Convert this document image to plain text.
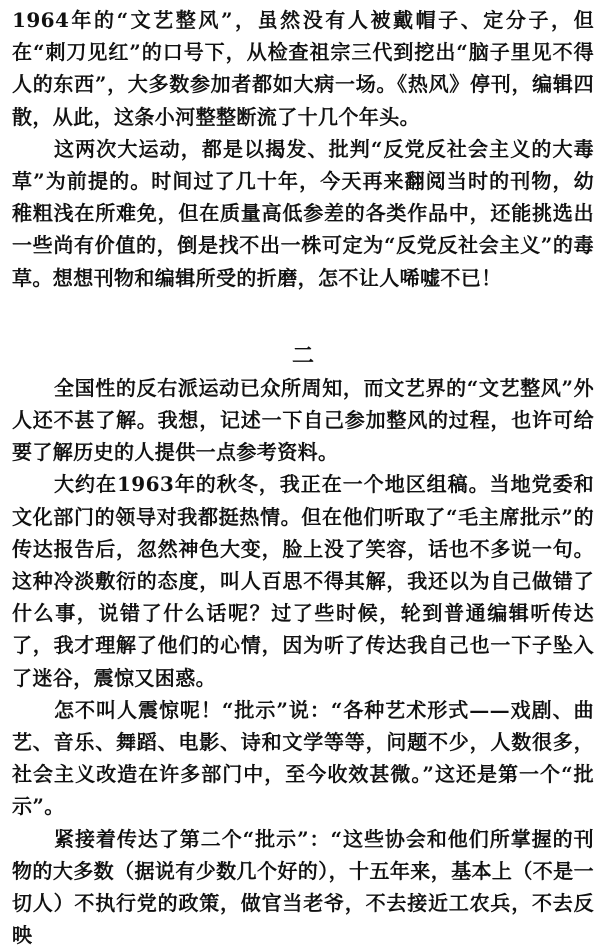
1964年的“文艺整风”，虽然没有人被戴帽子、定分子，但在“刺刀见红”的口号下，从检查祖宗三代到挖出“脑子里见不得人的东西”，大多数参加者都如大病一场。《热风》停刊，编辑四散，从此，这条小河整整断流了十几个年头。

这两次大运动，都是以揭发、批判“反党反社会主义的大毒草”为前提的。时间过了几十年，今天再来翻阅当时的刊物，幼稚粗浅在所难免，但在质量高低参差的各类作品中，还能挑选出一些尚有价值的，倒是找不出一株可定为“反党反社会主义”的毒草。想想刊物和编辑所受的折磨，怎不让人唏嘘不已！

二

全国性的反右派运动已众所周知，而文艺界的“文艺整风”外人还不甚了解。我想，记述一下自己参加整风的过程，也许可给要了解历史的人提供一点参考资料。

大约在1963年的秋冬，我正在一个地区组稿。当地党委和文化部门的领导对我都挺热情。但在他们听取了“毛主席批示”的传达报告后，忽然神色大变，脸上没了笑容，话也不多说一句。这种冷淡敷衍的态度，叫人百思不得其解，我还以为自己做错了什么事，说错了什么话呢？过了些时候，轮到普通编辑听传达了，我才理解了他们的心情，因为听了传达我自己也一下子坠入了迷谷，震惊又困惑。

怎不叫人震惊呢！“批示”说：“各种艺术形式——戏剧、曲艺、音乐、舞蹈、电影、诗和文学等等，问题不少，人数很多，社会主义改造在许多部门中，至今收效甚微。”这还是第一个“批示”。

紧接着传达了第二个“批示”：“这些协会和他们所掌握的刊物的大多数（据说有少数几个好的），十五年来，基本上（不是一切人）不执行党的政策，做官当老爷，不去接近工农兵，不去反映
